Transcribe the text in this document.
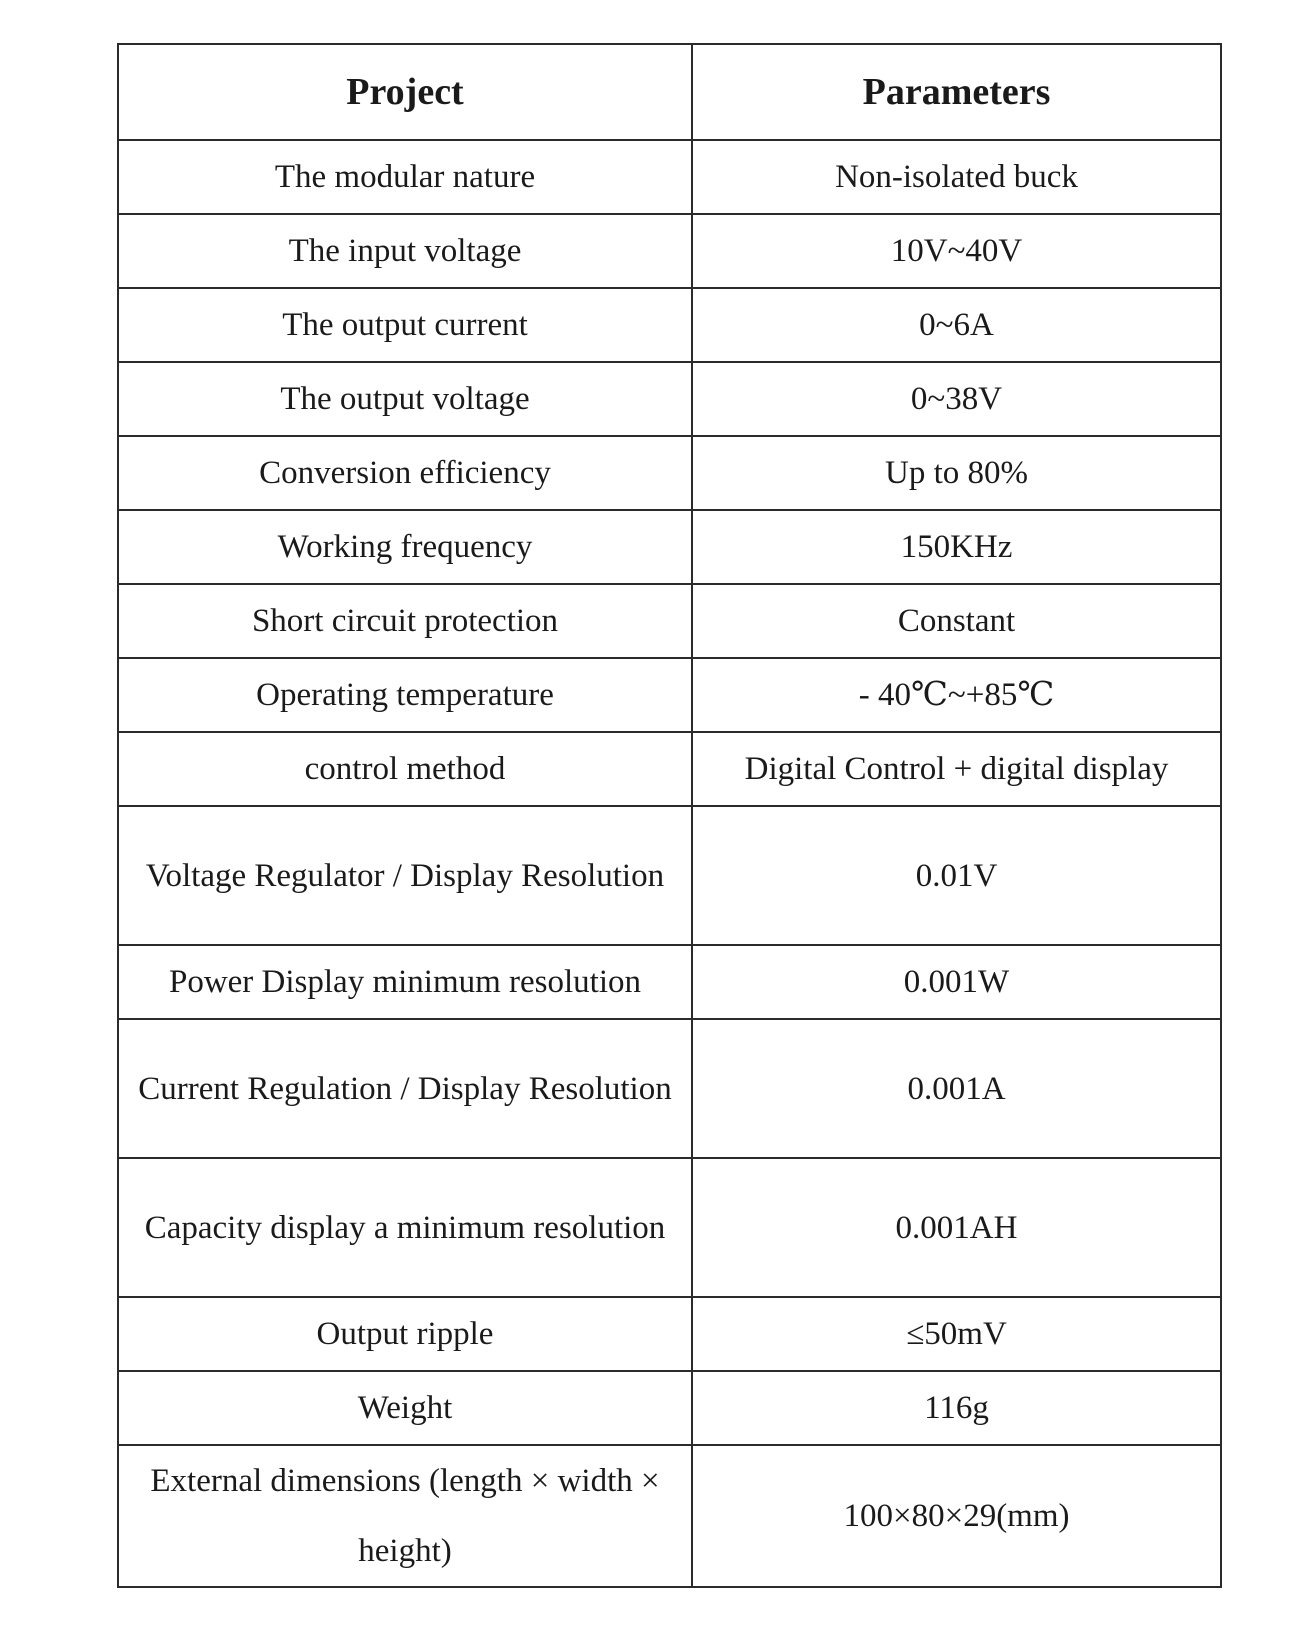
Project	Parameters
The modular nature	Non-isolated buck
The input voltage	10V~40V
The output current	0~6A
The output voltage	0~38V
Conversion efficiency	Up to 80%
Working frequency	150KHz
Short circuit protection	Constant
Operating temperature	- 40℃~+85℃
control method	Digital Control + digital display
Voltage Regulator / Display Resolution	0.01V
Power Display minimum resolution	0.001W
Current Regulation / Display Resolution	0.001A
Capacity display a minimum resolution	0.001AH
Output ripple	≤50mV
Weight	116g
External dimensions (length × width × height)	100×80×29(mm)
